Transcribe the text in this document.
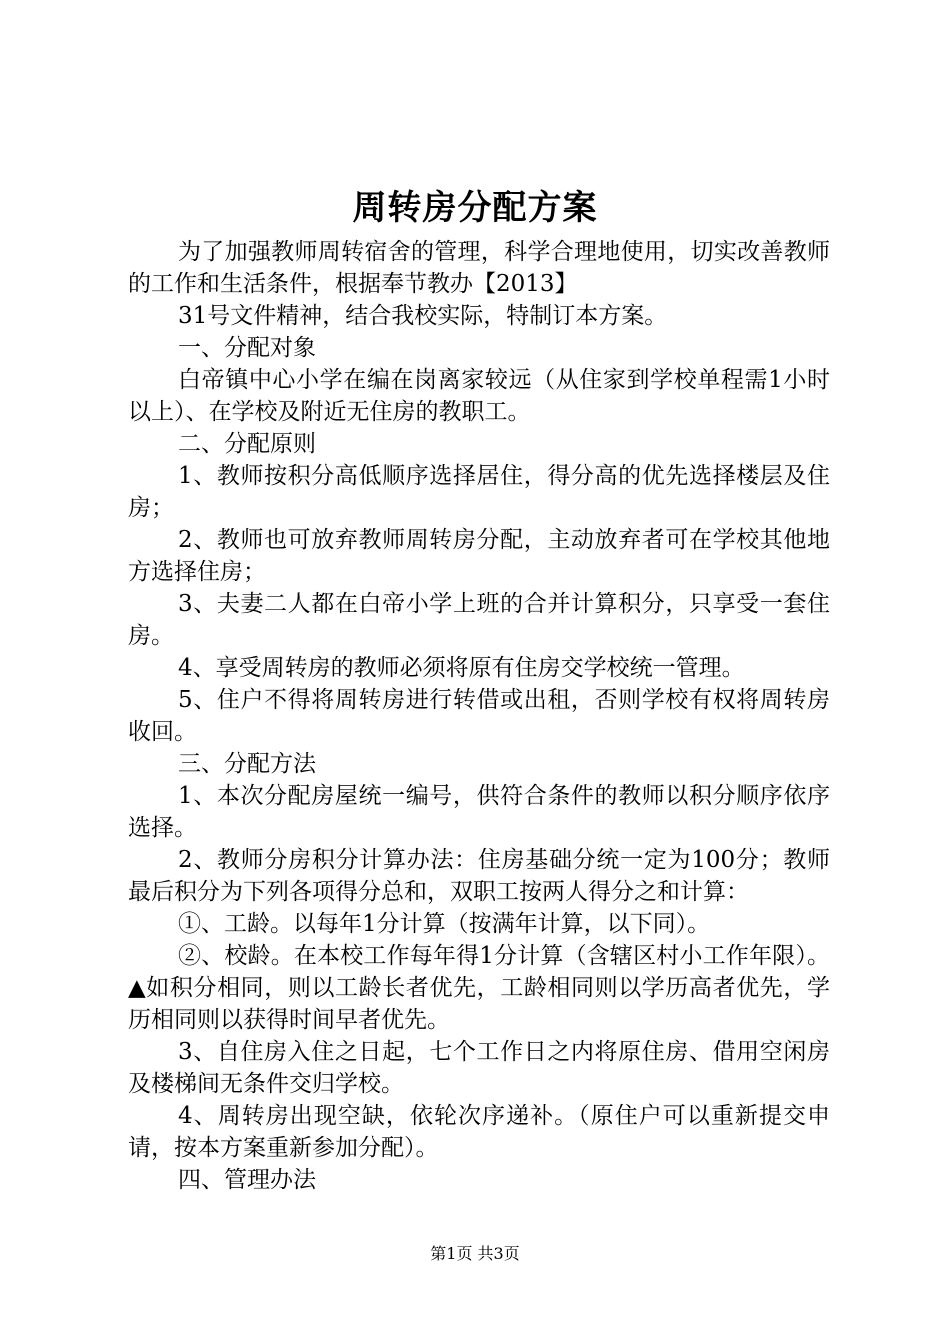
周转房分配方案

为了加强教师周转宿舍的管理，科学合理地使用，切实改善教师的工作和生活条件，根据奉节教办【2013】

31号文件精神，结合我校实际，特制订本方案。

一、分配对象

白帝镇中心小学在编在岗离家较远（从住家到学校单程需1小时以上）、在学校及附近无住房的教职工。

二、分配原则

1、教师按积分高低顺序选择居住，得分高的优先选择楼层及住房；

2、教师也可放弃教师周转房分配，主动放弃者可在学校其他地方选择住房；

3、夫妻二人都在白帝小学上班的合并计算积分，只享受一套住房。

4、享受周转房的教师必须将原有住房交学校统一管理。

5、住户不得将周转房进行转借或出租，否则学校有权将周转房收回。

三、分配方法

1、本次分配房屋统一编号，供符合条件的教师以积分顺序依序选择。

2、教师分房积分计算办法：住房基础分统一定为100分；教师最后积分为下列各项得分总和，双职工按两人得分之和计算：

①、工龄。以每年1分计算（按满年计算，以下同）。

②、校龄。在本校工作每年得1分计算（含辖区村小工作年限）。▲如积分相同，则以工龄长者优先，工龄相同则以学历高者优先，学历相同则以获得时间早者优先。

3、自住房入住之日起，七个工作日之内将原住房、借用空闲房及楼梯间无条件交归学校。

4、周转房出现空缺，依轮次序递补。（原住户可以重新提交申请，按本方案重新参加分配）。

四、管理办法

第1页 共3页
